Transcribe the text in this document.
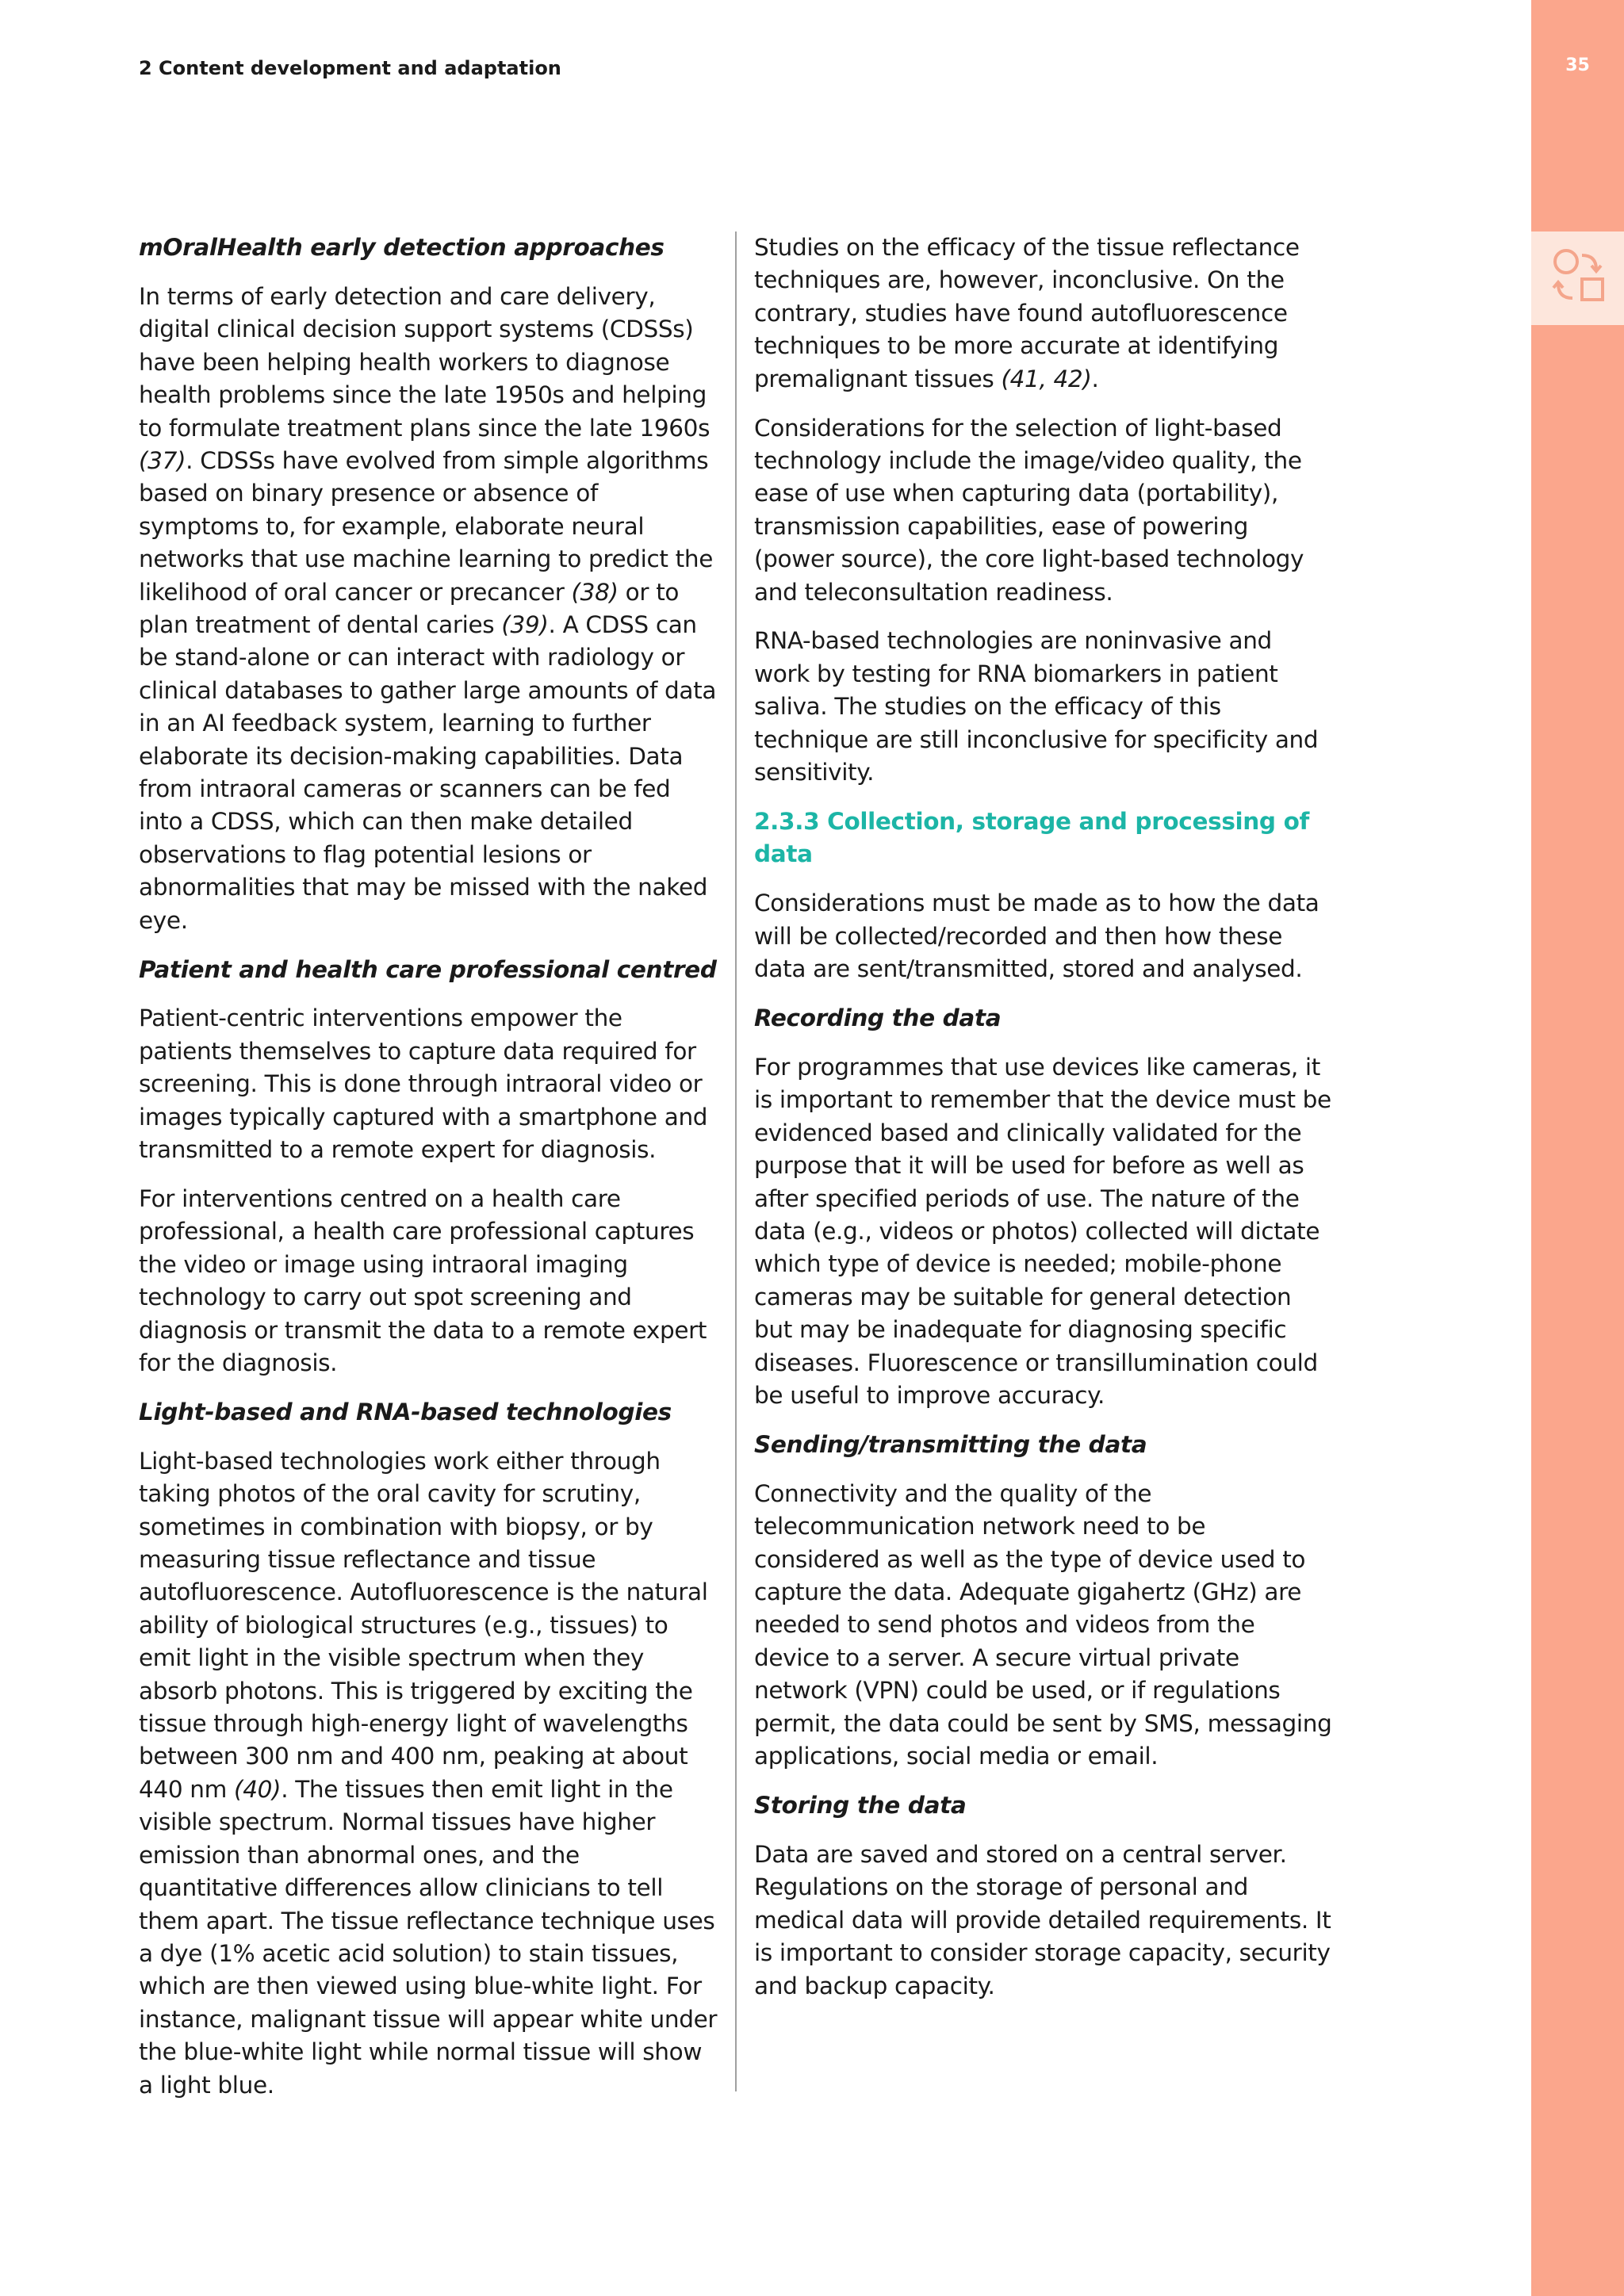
35
2 Content development and adaptation
mOralHealth early detection approaches

In terms of early detection and care delivery, digital clinical decision support systems (CDSSs) have been helping health workers to diagnose health problems since the late 1950s and helping to formulate treatment plans since the late 1960s (37). CDSSs have evolved from simple algorithms based on binary presence or absence of symptoms to, for example, elaborate neural networks that use machine learning to predict the likelihood of oral cancer or precancer (38) or to plan treatment of dental caries (39). A CDSS can be stand-alone or can interact with radiology or clinical databases to gather large amounts of data in an AI feedback system, learning to further elaborate its decision-making capabilities. Data from intraoral cameras or scanners can be fed into a CDSS, which can then make detailed observations to flag potential lesions or abnormalities that may be missed with the naked eye.

Patient and health care professional centred

Patient-centric interventions empower the patients themselves to capture data required for screening. This is done through intraoral video or images typically captured with a smartphone and transmitted to a remote expert for diagnosis.

For interventions centred on a health care professional, a health care professional captures the video or image using intraoral imaging technology to carry out spot screening and diagnosis or transmit the data to a remote expert for the diagnosis.

Light-based and RNA-based technologies

Light-based technologies work either through taking photos of the oral cavity for scrutiny, sometimes in combination with biopsy, or by measuring tissue reflectance and tissue autofluorescence. Autofluorescence is the natural ability of biological structures (e.g., tissues) to emit light in the visible spectrum when they absorb photons. This is triggered by exciting the tissue through high-energy light of wavelengths between 300 nm and 400 nm, peaking at about 440 nm (40). The tissues then emit light in the visible spectrum. Normal tissues have higher emission than abnormal ones, and the quantitative differences allow clinicians to tell them apart. The tissue reflectance technique uses a dye (1% acetic acid solution) to stain tissues, which are then viewed using blue-white light. For instance, malignant tissue will appear white under the blue-white light while normal tissue will show a light blue.

Studies on the efficacy of the tissue reflectance techniques are, however, inconclusive. On the contrary, studies have found autofluorescence techniques to be more accurate at identifying premalignant tissues (41, 42).

Considerations for the selection of light-based technology include the image/video quality, the ease of use when capturing data (portability), transmission capabilities, ease of powering (power source), the core light-based technology and teleconsultation readiness.

RNA-based technologies are noninvasive and work by testing for RNA biomarkers in patient saliva. The studies on the efficacy of this technique are still inconclusive for specificity and sensitivity.

2.3.3 Collection, storage and processing of data

Considerations must be made as to how the data will be collected/recorded and then how these data are sent/transmitted, stored and analysed.

Recording the data

For programmes that use devices like cameras, it is important to remember that the device must be evidenced based and clinically validated for the purpose that it will be used for before as well as after specified periods of use. The nature of the data (e.g., videos or photos) collected will dictate which type of device is needed; mobile-phone cameras may be suitable for general detection but may be inadequate for diagnosing specific diseases. Fluorescence or transillumination could be useful to improve accuracy.

Sending/transmitting the data

Connectivity and the quality of the telecommunication network need to be considered as well as the type of device used to capture the data. Adequate gigahertz (GHz) are needed to send photos and videos from the device to a server. A secure virtual private network (VPN) could be used, or if regulations permit, the data could be sent by SMS, messaging applications, social media or email.

Storing the data

Data are saved and stored on a central server. Regulations on the storage of personal and medical data will provide detailed requirements. It is important to consider storage capacity, security and backup capacity.
